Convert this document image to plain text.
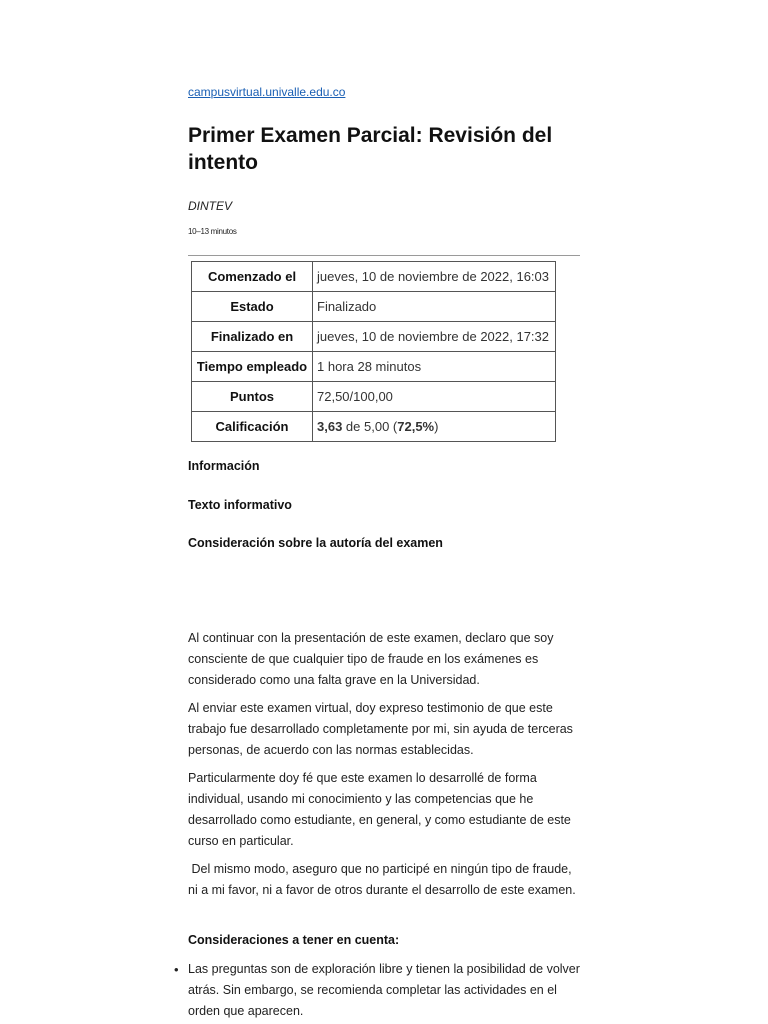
campusvirtual.univalle.edu.co
Primer Examen Parcial: Revisión del intento
DINTEV
10–13 minutos
Comenzado el	jueves, 10 de noviembre de 2022, 16:03
Estado	Finalizado
Finalizado en	jueves, 10 de noviembre de 2022, 17:32
Tiempo empleado	1 hora 28 minutos
Puntos	72,50/100,00
Calificación	3,63 de 5,00 (72,5%)
Información
Texto informativo
Consideración sobre la autoría del examen

Al continuar con la presentación de este examen, declaro que soy consciente de que cualquier tipo de fraude en los exámenes es considerado como una falta grave en la Universidad.

Al enviar este examen virtual, doy expreso testimonio de que este trabajo fue desarrollado completamente por mi, sin ayuda de terceras personas, de acuerdo con las normas establecidas.

Particularmente doy fé que este examen lo desarrollé de forma individual, usando mi conocimiento y las competencias que he desarrollado como estudiante, en general, y como estudiante de este curso en particular.

Del mismo modo, aseguro que no participé en ningún tipo de fraude, ni a mi favor, ni a favor de otros durante el desarrollo de este examen.

Consideraciones a tener en cuenta:
• Las preguntas son de exploración libre y tienen la posibilidad de volver atrás. Sin embargo, se recomienda completar las actividades en el orden que aparecen.
